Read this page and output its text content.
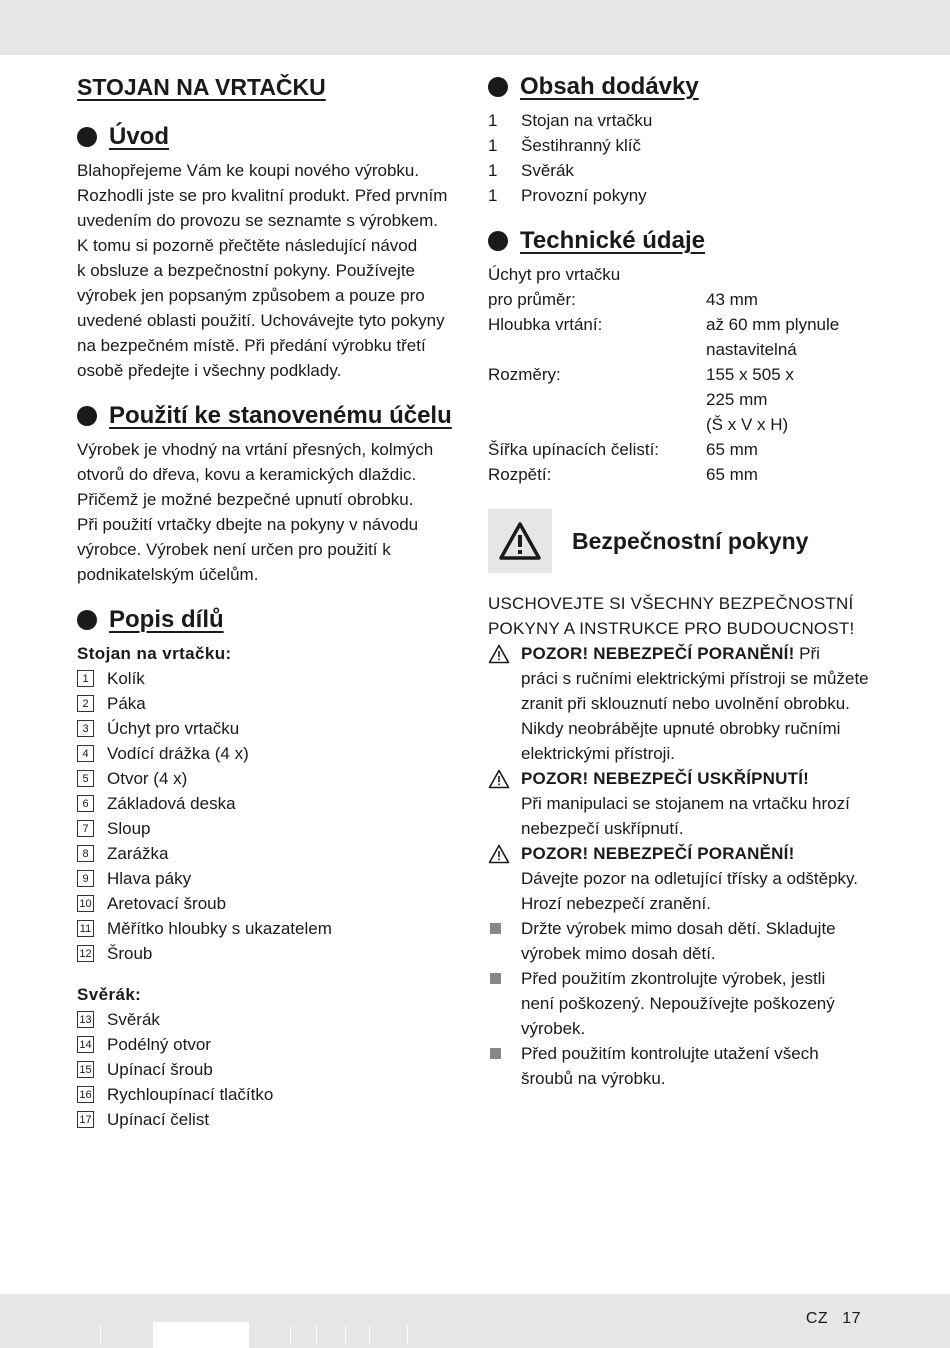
STOJAN NA VRTAČKU
Úvod

Blahopřejeme Vám ke koupi nového výrobku.

Rozhodli jste se pro kvalitní produkt. Před prvním

uvedením do provozu se seznamte s výrobkem.

K tomu si pozorně přečtěte následující návod

k obsluze a bezpečnostní pokyny. Používejte

výrobek jen popsaným způsobem a pouze pro

uvedené oblasti použití. Uchovávejte tyto pokyny

na bezpečném místě. Při předání výrobku třetí

osobě předejte i všechny podklady.

Použití ke stanovenému účelu

Výrobek je vhodný na vrtání přesných, kolmých

otvorů do dřeva, kovu a keramických dlaždic.

Přičemž je možné bezpečné upnutí obrobku.

Při použití vrtačky dbejte na pokyny v návodu

výrobce. Výrobek není určen pro použití k

podnikatelským účelům.

Popis dílů
Stojan na vrtačku:
1	Kolík
2	Páka
3	Úchyt pro vrtačku
4	Vodící drážka (4 x)
5	Otvor (4 x)
6	Základová deska
7	Sloup
8	Zarážka
9	Hlava páky
10 Aretovací šroub
11 Měřítko hloubky s ukazatelem
12 Šroub
Svěrák:
13 Svěrák
14 Podélný otvor
15 Upínací šroub
16 Rychloupínací tlačítko
17 Upínací čelist
Obsah dodávky
1	Stojan na vrtačku
1	Šestihranný klíč
1	Svěrák
1	Provozní pokyny
Technické údaje
Úchyt pro vrtačku
pro průměr:	43 mm
Hloubka vrtání:	až 60 mm plynule
nastavitelná
Rozměry:	155 x 505 x
225 mm
(Š x V x H)
Šířka upínacích čelistí:	65 mm
Rozpětí:	65 mm
Bezpečnostní pokyny
USCHOVEJTE SI VŠECHNY BEZPEČNOSTNÍ
POKYNY A INSTRUKCE PRO BUDOUCNOST!
POZOR! NEBEZPEČÍ PORANĚNÍ! Při
práci s ručními elektrickými přístroji se můžete
zranit při sklouznutí nebo uvolnění obrobku.
Nikdy neobrábějte upnuté obrobky ručními
elektrickými přístroji.
POZOR! NEBEZPEČÍ USKŘÍPNUTÍ!
Při manipulaci se stojanem na vrtačku hrozí
nebezpečí uskřípnutí.
POZOR! NEBEZPEČÍ PORANĚNÍ!
Dávejte pozor na odletující třísky a odštěpky.
Hrozí nebezpečí zranění.
Držte výrobek mimo dosah dětí. Skladujte
výrobek mimo dosah dětí.
Před použitím zkontrolujte výrobek, jestli
není poškozený. Nepoužívejte poškozený
výrobek.
Před použitím kontrolujte utažení všech
šroubů na výrobku.
CZ 17
